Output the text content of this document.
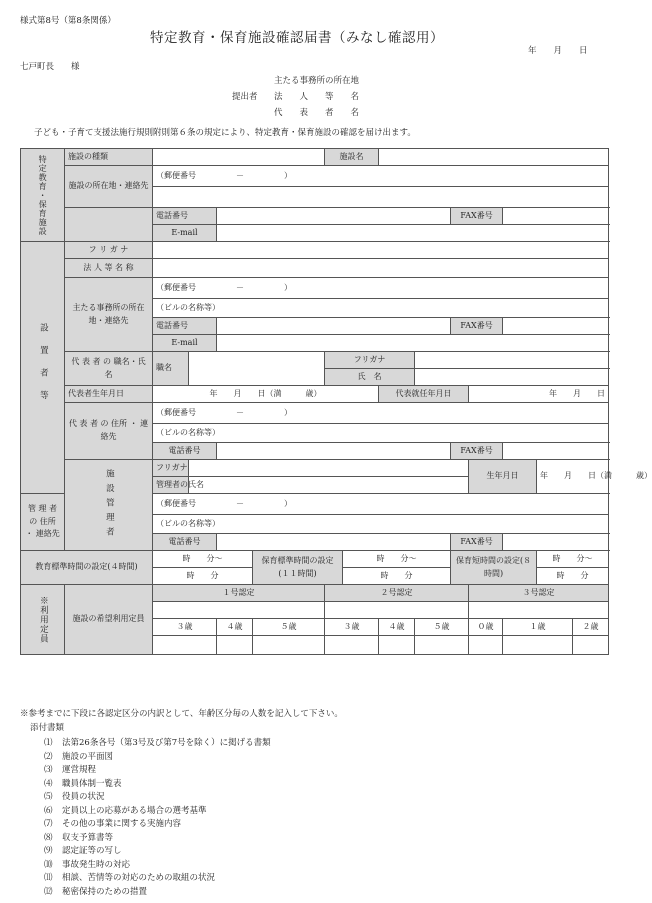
様式第8号（第8条関係）
特定教育・保育施設確認届書（みなし確認用）
年　　月　　日
七戸町長　　様
主たる事務所の所在地
提出者 法　　人　　等　　名
代　　表　　者　　名
子ども・子育て支援法施行規則附則第６条の規定により、特定教育・保育施設の確認を届け出ます。
特定教育・保育施設	施設の種類					施設名								
	施設の所在地・連絡先	（郵便番号　　　　　－　　　　　）												

		電話番号								FAX番号				
		E-mail												

設置者等	フ リ ガ ナ													
	法 人 等 名 称													
	主たる事務所の所在地・連絡先	（郵便番号　　　　　－　　　　　）												
		（ビルの名称等）												
		電話番号								FAX番号				
		E-mail												
	代 表 者 の 職名・氏名	職名				フリガナ								
						氏　名								
	代表者生年月日	年　　月　　日（満　　　歳）						代表就任年月日			年　　月　　日			
	代 表 者 の 住所 ・ 連絡先	（郵便番号　　　　　－　　　　　）												
		（ビルの名称等）												
		電話番号								FAX番号				

	施設管理者	フリガナ									生年月日		年　　月　　日（満　　　歳）	
		管理者の氏名												
管 理 者 の 住所 ・ 連絡先		（郵便番号　　　　　－　　　　　）												
		（ビルの名称等）												
		電話番号								FAX番号				
教育標準時間の設定(４時間)		時　　分～			保育標準時間の設定(１１時間)		時　　分～			保育短時間の設定(８時間)			時　　分～	
		時　　分					時　　分						時　　分	

※利用定員	施設の希望利用定員	１号認定				２号認定					３号認定			

		３歳		４歳	５歳	３歳		４歳	５歳		０歳	１歳		２歳

※参考までに下段に各認定区分の内訳として、年齢区分毎の人数を記入して下さい。
添付書類
⑴ 法第26条各号（第3号及び第7号を除く）に掲げる書類
⑵ 施設の平面図
⑶ 運営規程
⑷ 職員体制一覧表
⑸ 役員の状況
⑹ 定員以上の応募がある場合の選考基準
⑺ その他の事業に関する実施内容
⑻ 収支予算書等
⑼ 認定証等の写し
⑽ 事故発生時の対応
⑾ 相談、苦情等の対応のための取組の状況
⑿ 秘密保持のための措置
